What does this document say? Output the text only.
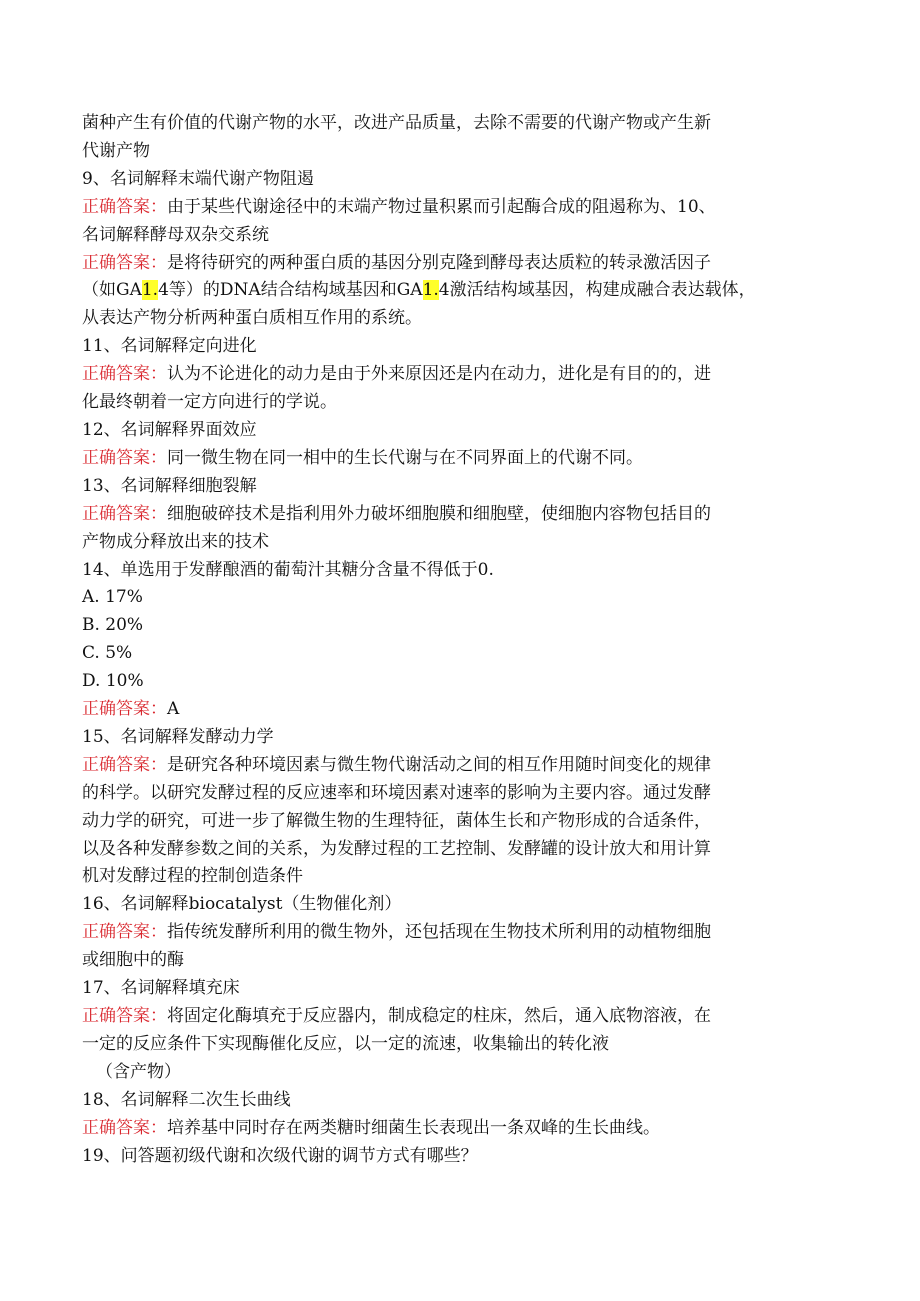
菌种产生有价值的代谢产物的水平，改进产品质量，去除不需要的代谢产物或产生新
代谢产物
9、名词解释末端代谢产物阻遏
正确答案：由于某些代谢途径中的末端产物过量积累而引起酶合成的阻遏称为、10、
名词解释酵母双杂交系统
正确答案：是将待研究的两种蛋白质的基因分别克隆到酵母表达质粒的转录激活因子
（如GA1.4等）的DNA结合结构域基因和GA1.4激活结构域基因，构建成融合表达载体，
从表达产物分析两种蛋白质相互作用的系统。
11、名词解释定向进化
正确答案：认为不论进化的动力是由于外来原因还是内在动力，进化是有目的的，进
化最终朝着一定方向进行的学说。
12、名词解释界面效应
正确答案：同一微生物在同一相中的生长代谢与在不同界面上的代谢不同。
13、名词解释细胞裂解
正确答案：细胞破碎技术是指利用外力破坏细胞膜和细胞壁，使细胞内容物包括目的
产物成分释放出来的技术
14、单选用于发酵酿酒的葡萄汁其糖分含量不得低于0.
A. 17%
B. 20%
C. 5%
D. 10%
正确答案：A
15、名词解释发酵动力学
正确答案：是研究各种环境因素与微生物代谢活动之间的相互作用随时间变化的规律
的科学。以研究发酵过程的反应速率和环境因素对速率的影响为主要内容。通过发酵
动力学的研究，可进一步了解微生物的生理特征，菌体生长和产物形成的合适条件，
以及各种发酵参数之间的关系，为发酵过程的工艺控制、发酵罐的设计放大和用计算
机对发酵过程的控制创造条件
16、名词解释biocatalyst（生物催化剂）
正确答案：指传统发酵所利用的微生物外，还包括现在生物技术所利用的动植物细胞
或细胞中的酶
17、名词解释填充床
正确答案：将固定化酶填充于反应器内，制成稳定的柱床，然后，通入底物溶液，在
一定的反应条件下实现酶催化反应，以一定的流速，收集输出的转化液
（含产物）
18、名词解释二次生长曲线
正确答案：培养基中同时存在两类糖时细菌生长表现出一条双峰的生长曲线。
19、问答题初级代谢和次级代谢的调节方式有哪些？
